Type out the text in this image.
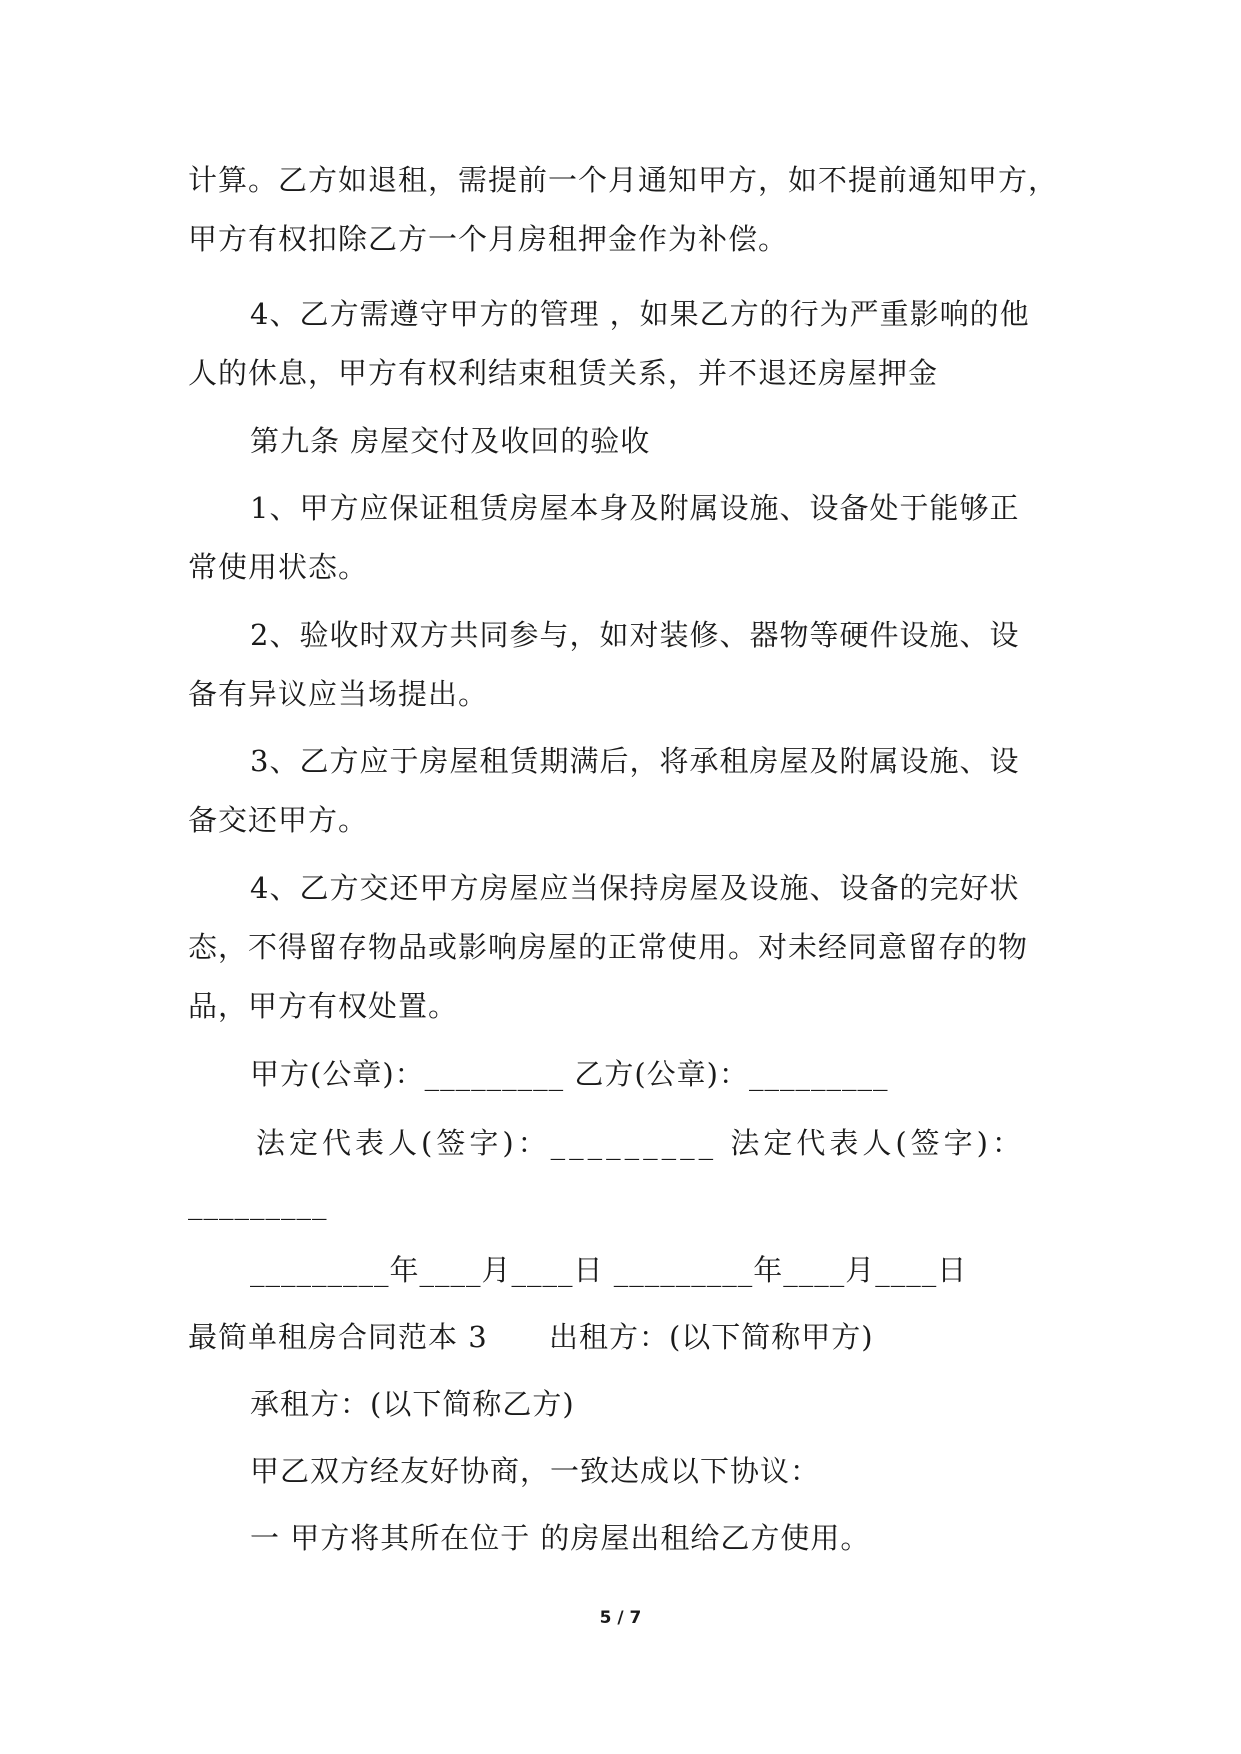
计算。乙方如退租，需提前一个月通知甲方，如不提前通知甲方，
甲方有权扣除乙方一个月房租押金作为补偿。
4、乙方需遵守甲方的管理 ，如果乙方的行为严重影响的他
人的休息，甲方有权利结束租赁关系，并不退还房屋押金
第九条 房屋交付及收回的验收
1、甲方应保证租赁房屋本身及附属设施、设备处于能够正
常使用状态。
2、验收时双方共同参与，如对装修、器物等硬件设施、设
备有异议应当场提出。
3、乙方应于房屋租赁期满后，将承租房屋及附属设施、设
备交还甲方。
4、乙方交还甲方房屋应当保持房屋及设施、设备的完好状
态，不得留存物品或影响房屋的正常使用。对未经同意留存的物
品，甲方有权处置。
甲方(公章)：_________ 乙方(公章)：_________
法定代表人(签字)：_________ 法定代表人(签字)：
_________
_________年____月____日 _________年____月____日
最简单租房合同范本 3      出租方：(以下简称甲方)
承租方：(以下简称乙方)
甲乙双方经友好协商，一致达成以下协议：
一 甲方将其所在位于 的房屋出租给乙方使用。
5 / 7
